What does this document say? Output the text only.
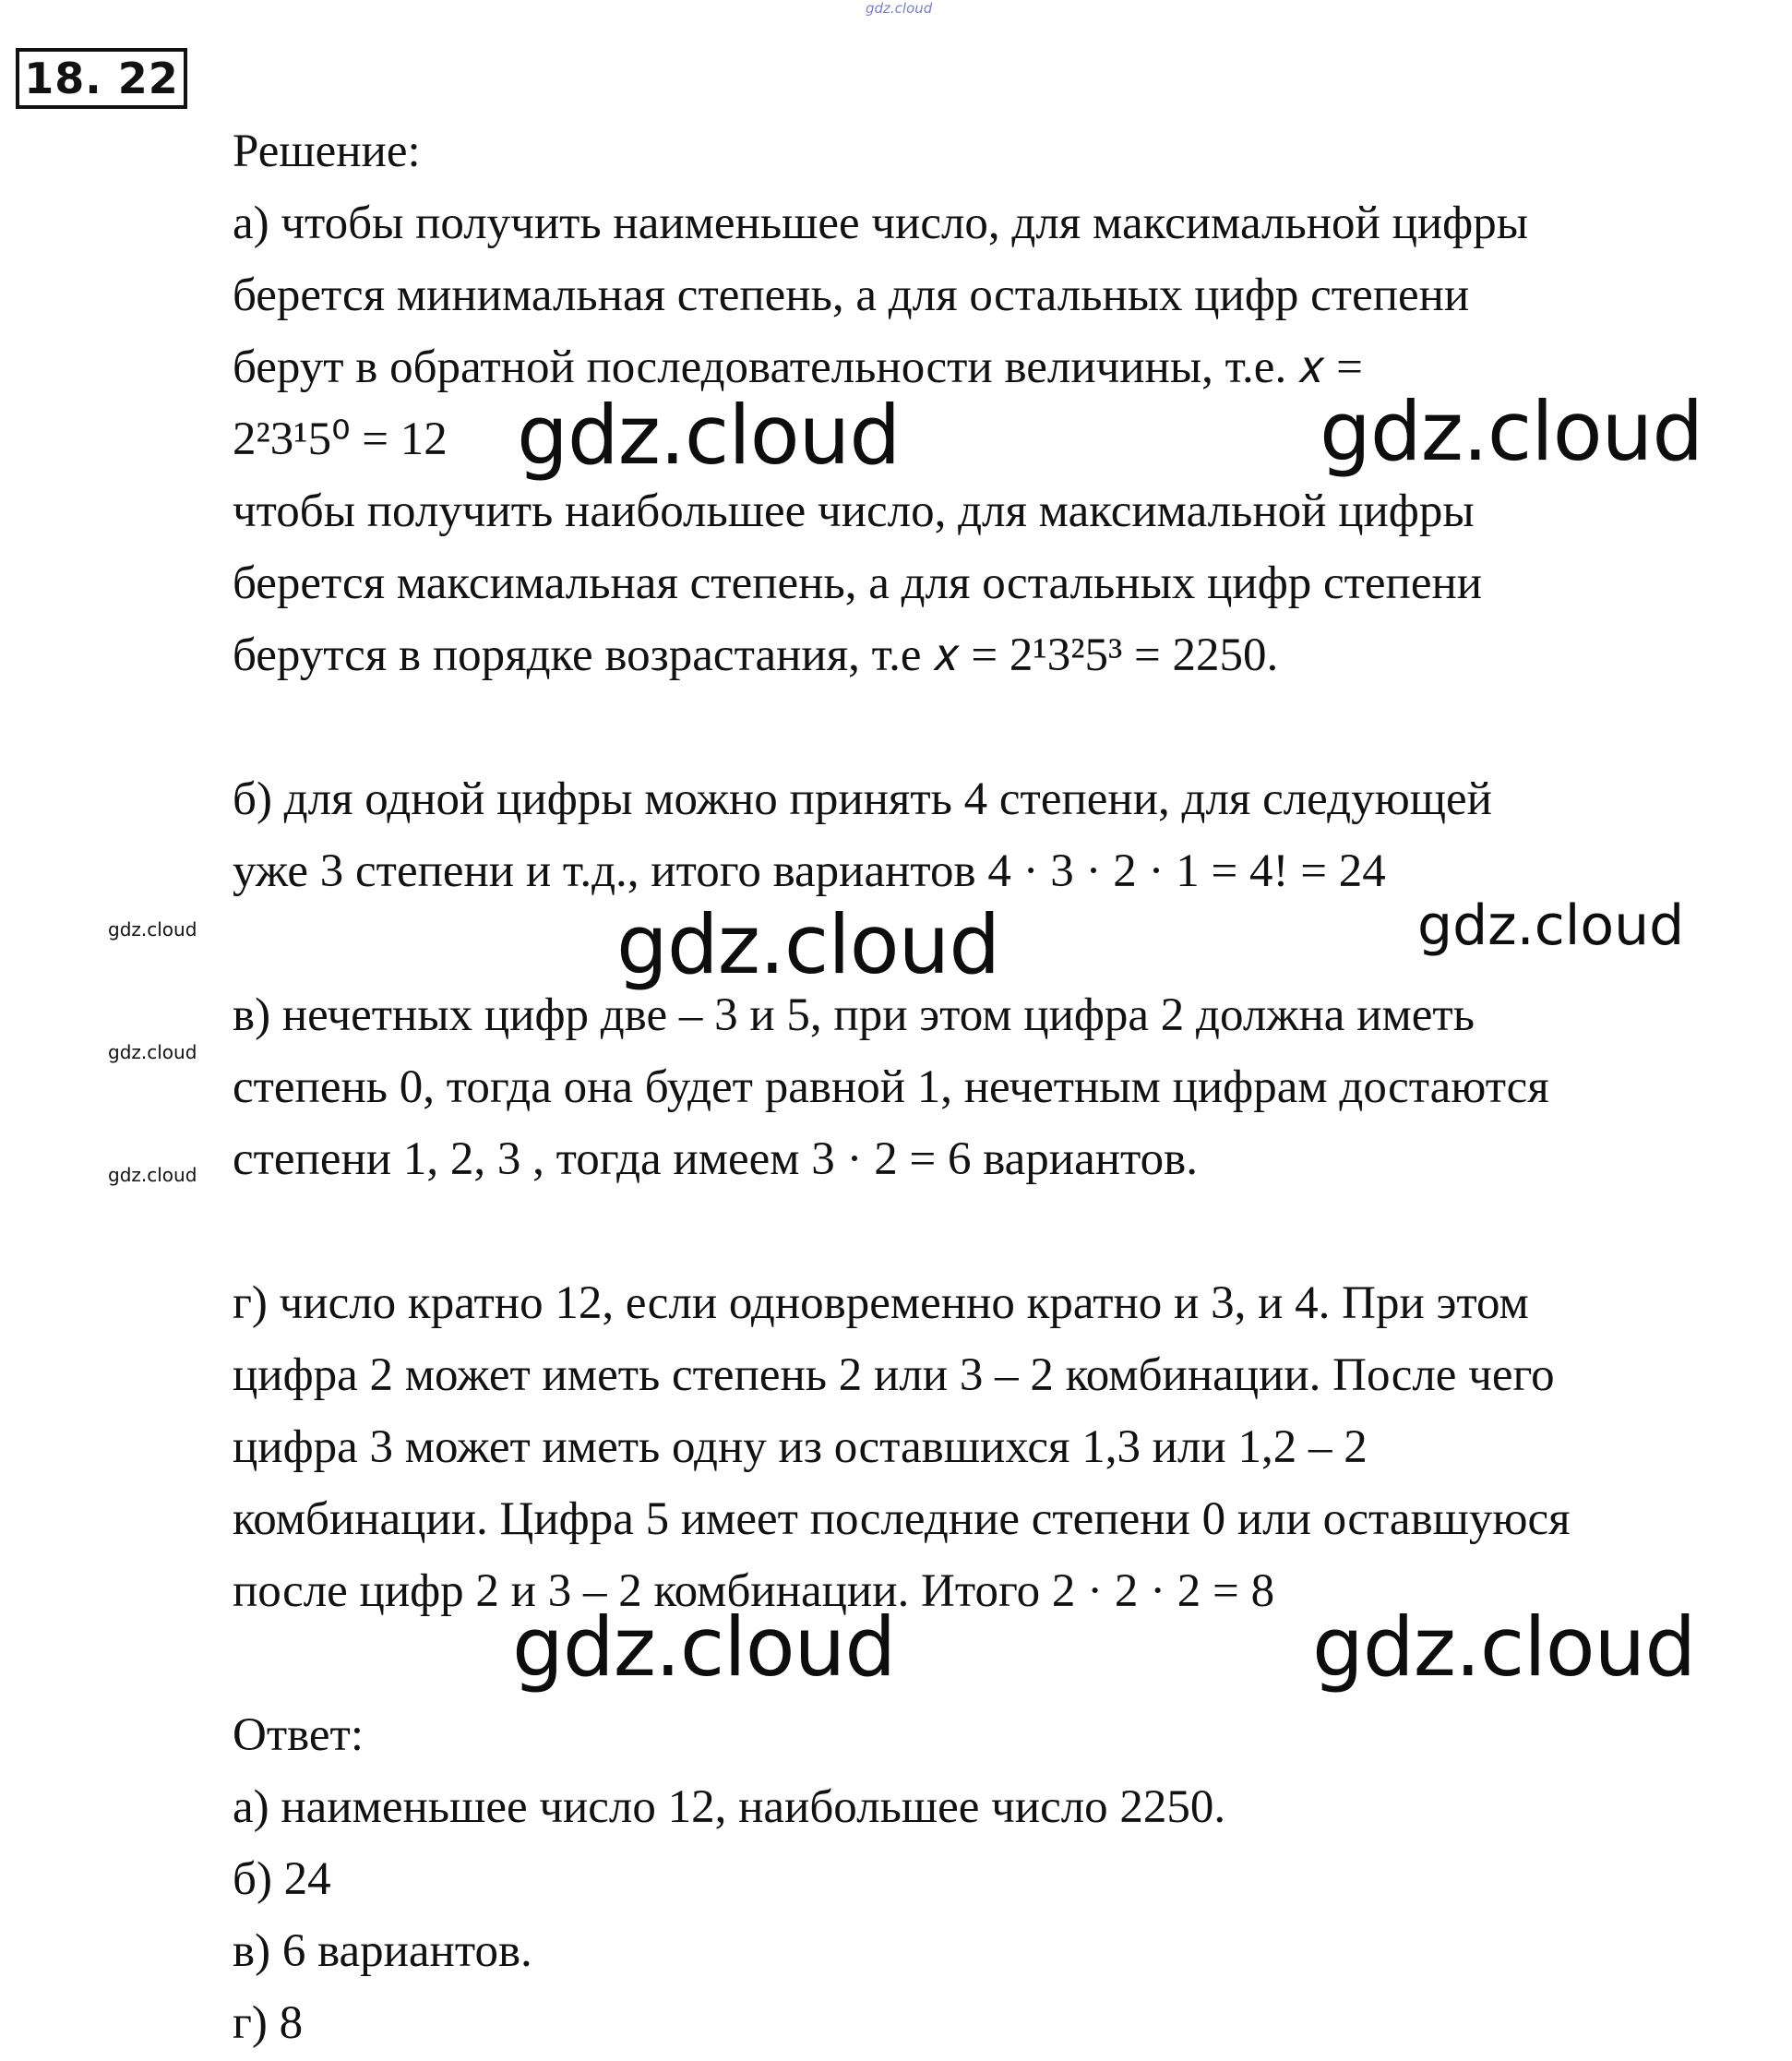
gdz.cloud
18. 22
Решение:
а) чтобы получить наименьшее число, для максимальной цифры
берется минимальная степень, а для остальных цифр степени
берут в обратной последовательности величины, т.е. 𝑥 =
2²3¹5⁰ = 12
чтобы получить наибольшее число, для максимальной цифры
берется максимальная степень, а для остальных цифр степени
берутся в порядке возрастания, т.е 𝑥 = 2¹3²5³ = 2250.
б) для одной цифры можно принять 4 степени, для следующей
уже 3 степени и т.д., итого вариантов 4 · 3 · 2 · 1 = 4! = 24
в) нечетных цифр две – 3 и 5, при этом цифра 2 должна иметь
степень 0, тогда она будет равной 1, нечетным цифрам достаются
степени 1, 2, 3 , тогда имеем 3 · 2 = 6 вариантов.
г) число кратно 12, если одновременно кратно и 3, и 4. При этом
цифра 2 может иметь степень 2 или 3 – 2 комбинации. После чего
цифра 3 может иметь одну из оставшихся 1,3 или 1,2 – 2
комбинации. Цифра 5 имеет последние степени 0 или оставшуюся
после цифр 2 и 3 – 2 комбинации. Итого 2 · 2 · 2 = 8
Ответ:
а) наименьшее число 12, наибольшее число 2250.
б) 24
в) 6 вариантов.
г) 8
gdz.cloud	gdz.cloud
gdz.cloud	gdz.cloud
gdz.cloud	gdz.cloud
gdz.cloud
gdz.cloud
gdz.cloud
